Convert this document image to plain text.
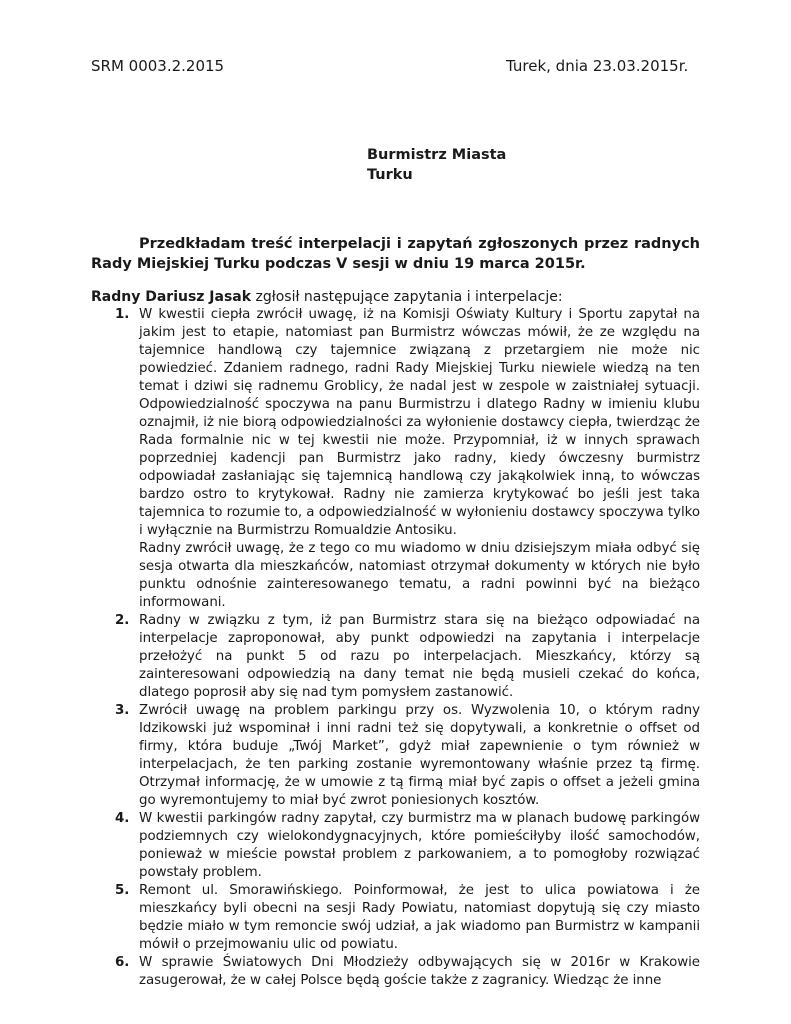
SRM 0003.2.2015	Turek, dnia 23.03.2015r.
Burmistrz Miasta
Turku

Przedkładam treść interpelacji i zapytań zgłoszonych przez radnych Rady Miejskiej Turku podczas V sesji w dniu 19 marca 2015r.

Radny Dariusz Jasak zgłosił następujące zapytania i interpelacje:

1. W kwestii ciepła zwrócił uwagę, iż na Komisji Oświaty Kultury i Sportu zapytał na jakim jest to etapie, natomiast pan Burmistrz wówczas mówił, że ze względu na tajemnice handlową czy tajemnice związaną z przetargiem nie może nic powiedzieć. Zdaniem radnego, radni Rady Miejskiej Turku niewiele wiedzą na ten temat i dziwi się radnemu Groblicy, że nadal jest w zespole w zaistniałej sytuacji. Odpowiedzialność spoczywa na panu Burmistrzu i dlatego Radny w imieniu klubu oznajmił, iż nie biorą odpowiedzialności za wyłonienie dostawcy ciepła, twierdząc że Rada formalnie nic w tej kwestii nie może. Przypomniał, iż w innych sprawach poprzedniej kadencji pan Burmistrz jako radny, kiedy ówczesny burmistrz odpowiadał zasłaniając się tajemnicą handlową czy jakąkolwiek inną, to wówczas bardzo ostro to krytykował. Radny nie zamierza krytykować bo jeśli jest taka tajemnica to rozumie to, a odpowiedzialność w wyłonieniu dostawcy spoczywa tylko i wyłącznie na Burmistrzu Romualdzie Antosiku.

Radny zwrócił uwagę, że z tego co mu wiadomo w dniu dzisiejszym miała odbyć się sesja otwarta dla mieszkańców, natomiast otrzymał dokumenty w których nie było punktu odnośnie zainteresowanego tematu, a radni powinni być na bieżąco informowani.

2. Radny w związku z tym, iż pan Burmistrz stara się na bieżąco odpowiadać na interpelacje zaproponował, aby punkt odpowiedzi na zapytania i interpelacje przełożyć na punkt 5 od razu po interpelacjach. Mieszkańcy, którzy są zainteresowani odpowiedzią na dany temat nie będą musieli czekać do końca, dlatego poprosił aby się nad tym pomysłem zastanowić.

3. Zwrócił uwagę na problem parkingu przy os. Wyzwolenia 10, o którym radny Idzikowski już wspominał i inni radni też się dopytywali, a konkretnie o offset od firmy, która buduje „Twój Market”, gdyż miał zapewnienie o tym również w interpelacjach, że ten parking zostanie wyremontowany właśnie przez tą firmę. Otrzymał informację, że w umowie z tą firmą miał być zapis o offset a jeżeli gmina go wyremontujemy to miał być zwrot poniesionych kosztów.

4. W kwestii parkingów radny zapytał, czy burmistrz ma w planach budowę parkingów podziemnych czy wielokondygnacyjnych, które pomieściłyby ilość samochodów, ponieważ w mieście powstał problem z parkowaniem, a to pomogłoby rozwiązać powstały problem.

5. Remont ul. Smorawińskiego. Poinformował, że jest to ulica powiatowa i że mieszkańcy byli obecni na sesji Rady Powiatu, natomiast dopytują się czy miasto będzie miało w tym remoncie swój udział, a jak wiadomo pan Burmistrz w kampanii mówił o przejmowaniu ulic od powiatu.

6. W sprawie Światowych Dni Młodzieży odbywających się w 2016r w Krakowie zasugerował, że w całej Polsce będą goście także z zagranicy. Wiedząc że inne
